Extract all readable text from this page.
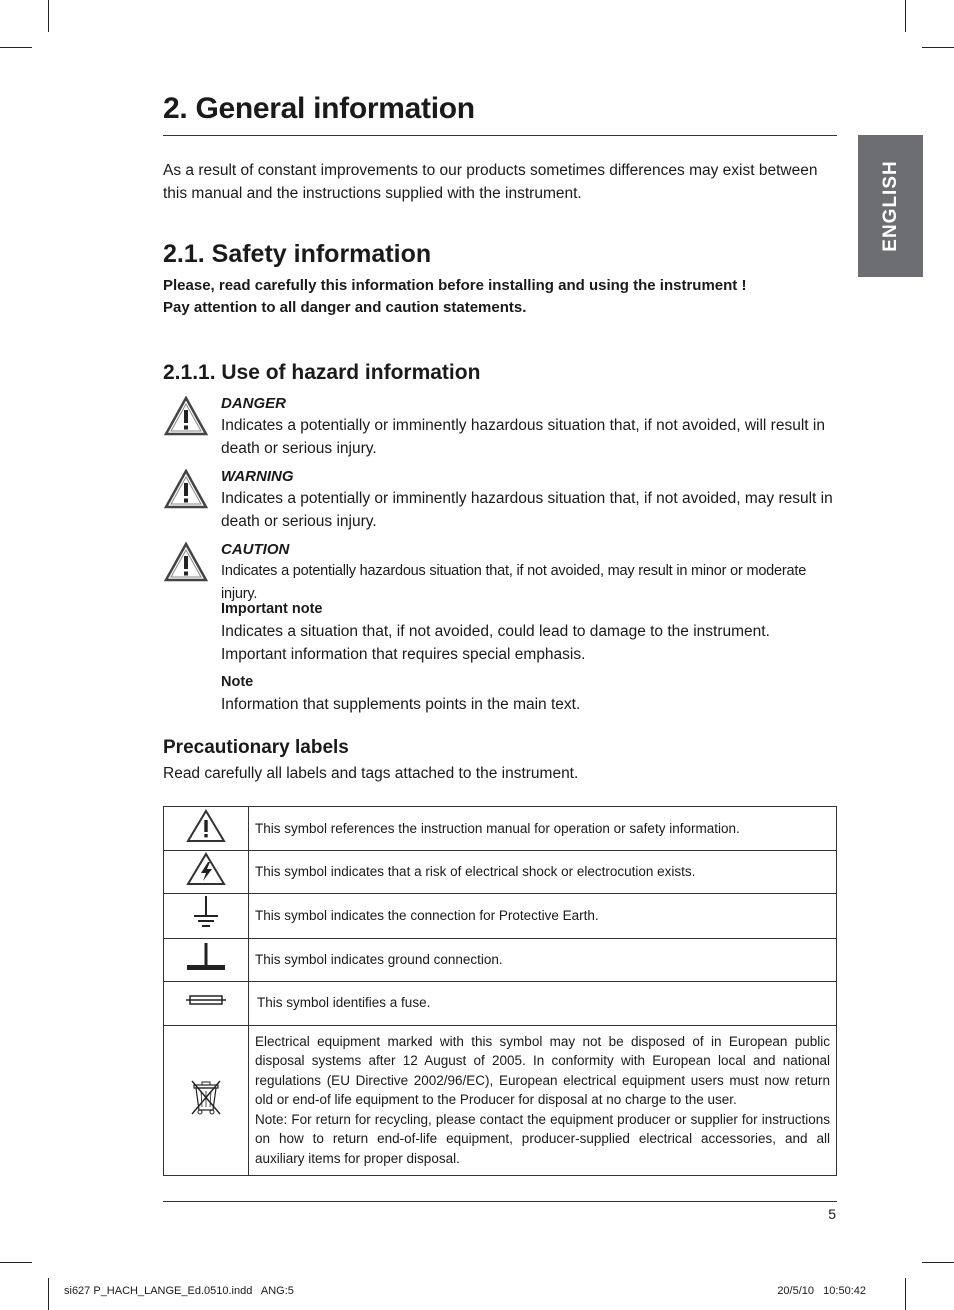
ENGLISH
2. General information
As a result of constant improvements to our products sometimes differences may exist between this manual and the instructions supplied with the instrument.
2.1. Safety information
Please, read carefully this information before installing and using the instrument !
Pay attention to all danger and caution statements.
2.1.1. Use of hazard information
DANGER
Indicates a potentially or imminently hazardous situation that, if not avoided, will result in death or serious injury.
WARNING
Indicates a potentially or imminently hazardous situation that, if not avoided, may result in death or serious injury.
CAUTION
Indicates a potentially hazardous situation that, if not avoided, may result in minor or moderate injury.
Important note
Indicates a situation that, if not avoided, could lead to damage to the instrument. Important information that requires special emphasis.
Note
Information that supplements points in the main text.
Precautionary labels
Read carefully all labels and tags attached to the instrument.
	This symbol references the instruction manual for operation or safety information.
	This symbol indicates that a risk of electrical shock or electrocution exists.
	This symbol indicates the connection for Protective Earth.
	This symbol indicates ground connection.
	This symbol identifies a fuse.
	Electrical equipment marked with this symbol may not be disposed of in European public disposal systems after 12 August of 2005. In conformity with European local and national regulations (EU Directive 2002/96/EC), European electrical equipment users must now return old or end-of life equipment to the Producer for disposal at no charge to the user.
Note: For return for recycling, please contact the equipment producer or supplier for instructions on how to return end-of-life equipment, producer-supplied electrical accessories, and all auxiliary items for proper disposal.
5
si627 P_HACH_LANGE_Ed.0510.indd   ANG:5	20/5/10   10:50:42
